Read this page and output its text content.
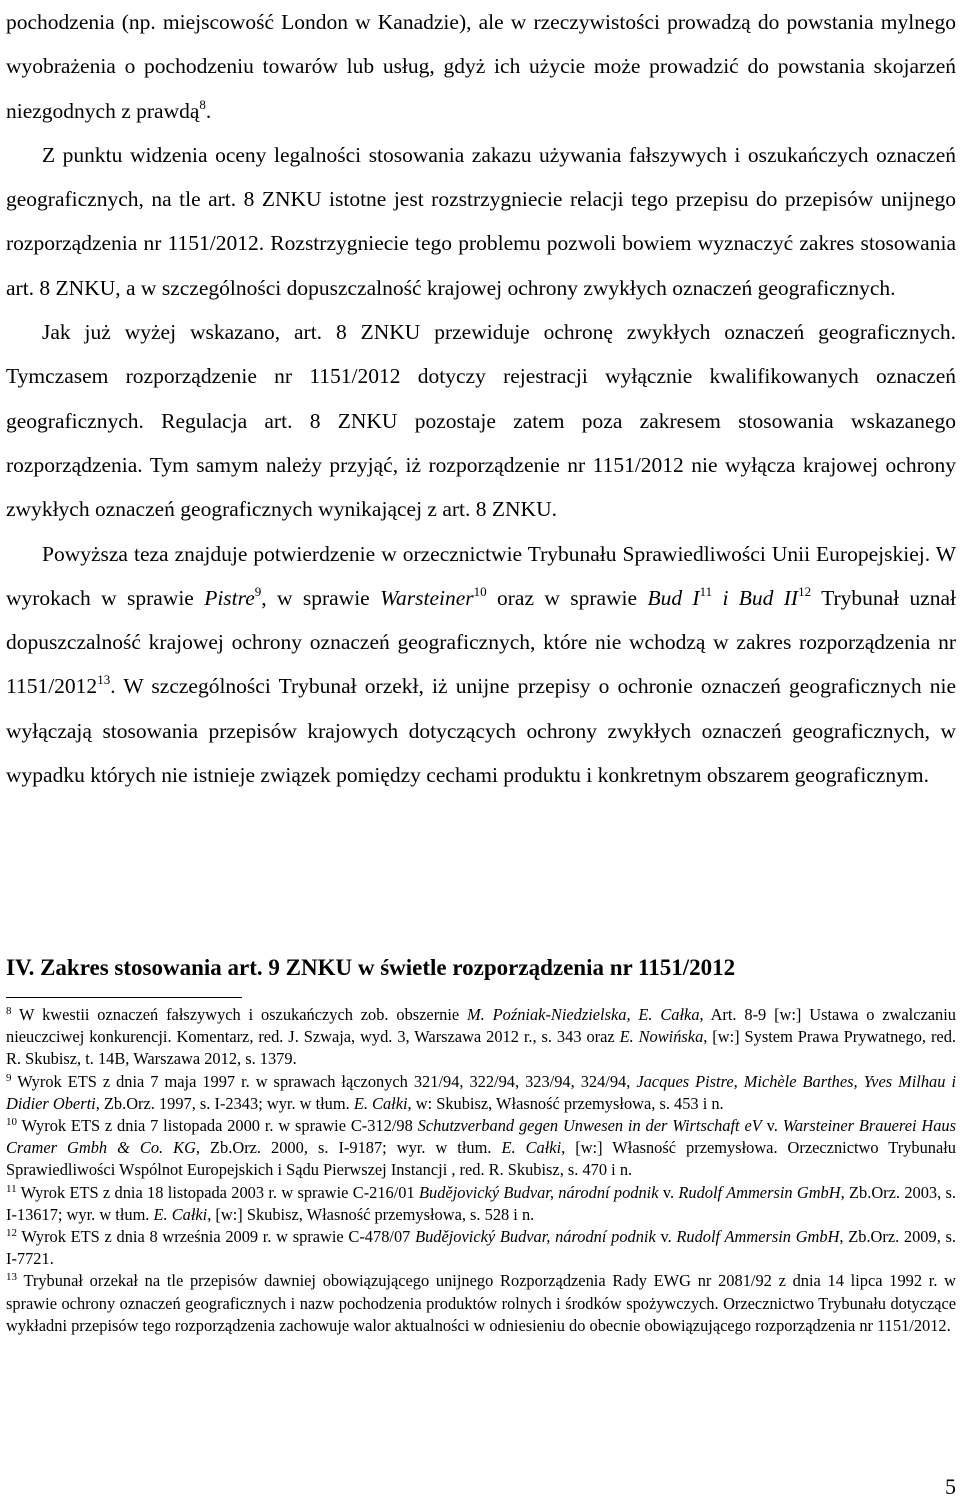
pochodzenia (np. miejscowość London w Kanadzie), ale w rzeczywistości prowadzą do powstania mylnego wyobrażenia o pochodzeniu towarów lub usług, gdyż ich użycie może prowadzić do powstania skojarzeń niezgodnych z prawdą$^8$.

Z punktu widzenia oceny legalności stosowania zakazu używania fałszywych i oszukańczych oznaczeń geograficznych, na tle art. 8 ZNKU istotne jest rozstrzygniecie relacji tego przepisu do przepisów unijnego rozporządzenia nr 1151/2012. Rozstrzygniecie tego problemu pozwoli bowiem wyznaczyć zakres stosowania art. 8 ZNKU, a w szczególności dopuszczalność krajowej ochrony zwykłych oznaczeń geograficznych.

Jak już wyżej wskazano, art. 8 ZNKU przewiduje ochronę zwykłych oznaczeń geograficznych. Tymczasem rozporządzenie nr 1151/2012 dotyczy rejestracji wyłącznie kwalifikowanych oznaczeń geograficznych. Regulacja art. 8 ZNKU pozostaje zatem poza zakresem stosowania wskazanego rozporządzenia. Tym samym należy przyjąć, iż rozporządzenie nr 1151/2012 nie wyłącza krajowej ochrony zwykłych oznaczeń geograficznych wynikającej z art. 8 ZNKU.

Powyższa teza znajduje potwierdzenie w orzecznictwie Trybunału Sprawiedliwości Unii Europejskiej. W wyrokach w sprawie Pistre$^9$, w sprawie Warsteiner$^{10}$ oraz w sprawie Bud $I^{11}$ i Bud II$^{12}$ Trybunał uznał dopuszczalność krajowej ochrony oznaczeń geograficznych, które nie wchodzą w zakres rozporządzenia nr 1151/2012$^{13}$. W szczególności Trybunał orzekł, iż unijne przepisy o ochronie oznaczeń geograficznych nie wyłączają stosowania przepisów krajowych dotyczących ochrony zwykłych oznaczeń geograficznych, w wypadku których nie istnieje związek pomiędzy cechami produktu i konkretnym obszarem geograficznym.

IV. Zakres stosowania art. 9 ZNKU w świetle rozporządzenia nr 1151/2012

$^8$ W kwestii oznaczeń fałszywych i oszukańczych zob. obszernie M. Poźniak-Niedzielska, E. Całka, Art. 8-9 [w:] Ustawa o zwalczaniu nieuczciwej konkurencji. Komentarz, red. J. Szwaja, wyd. 3, Warszawa 2012 r., s. 343 oraz E. Nowińska, [w:] System Prawa Prywatnego, red. R. Skubisz, t. 14B, Warszawa 2012, s. 1379.

$^9$ Wyrok ETS z dnia 7 maja 1997 r. w sprawach łączonych 321/94, 322/94, 323/94, 324/94, Jacques Pistre, Michèle Barthes, Yves Milhau i Didier Oberti, Zb.Orz. 1997, s. I-2343; wyr. w tłum. E. Całki, w: Skubisz, Własność przemysłowa, s. 453 i n.

$^{10}$ Wyrok ETS z dnia 7 listopada 2000 r. w sprawie C-312/98 Schutzverband gegen Unwesen in der Wirtschaft eV v. Warsteiner Brauerei Haus Cramer Gmbh & Co. KG, Zb.Orz. 2000, s. I-9187; wyr. w tłum. E. Całki, [w:] Własność przemysłowa. Orzecznictwo Trybunału Sprawiedliwości Wspólnot Europejskich i Sądu Pierwszej Instancji , red. R. Skubisz, s. 470 i n.

$^{11}$ Wyrok ETS z dnia 18 listopada 2003 r. w sprawie C-216/01 Budějovický Budvar, národní podnik v. Rudolf Ammersin GmbH, Zb.Orz. 2003, s. I-13617; wyr. w tłum. E. Całki, [w:] Skubisz, Własność przemysłowa, s. 528 i n.

$^{12}$ Wyrok ETS z dnia 8 września 2009 r. w sprawie C-478/07 Budějovický Budvar, národní podnik v. Rudolf Ammersin GmbH, Zb.Orz. 2009, s. I-7721.

$^{13}$ Trybunał orzekał na tle przepisów dawniej obowiązującego unijnego Rozporządzenia Rady EWG nr 2081/92 z dnia 14 lipca 1992 r. w sprawie ochrony oznaczeń geograficznych i nazw pochodzenia produktów rolnych i środków spożywczych. Orzecznictwo Trybunału dotyczące wykładni przepisów tego rozporządzenia zachowuje walor aktualności w odniesieniu do obecnie obowiązującego rozporządzenia nr 1151/2012.

5
